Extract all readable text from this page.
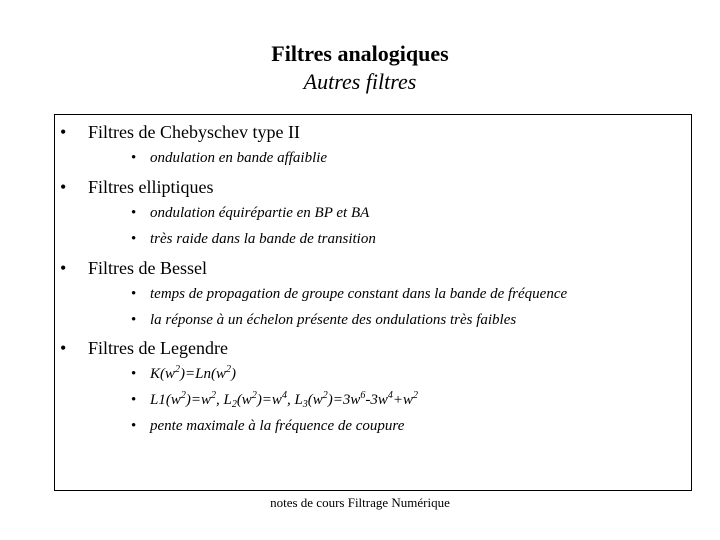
Filtres analogiques
Autres filtres
• Filtres de Chebyschev type II
• ondulation en bande affaiblie
• Filtres elliptiques
• ondulation équirépartie en BP et BA
• très raide dans la bande de transition
• Filtres de Bessel
• temps de propagation de groupe constant dans la bande de fréquence
• la réponse à un échelon présente des ondulations très faibles
• Filtres de Legendre
• $K(w^2)=Ln(w^2)$
• $L1(w^2)=w^2$, $L_2(w^2)=w^4$, $L_3(w^2)=3w^6-3w^4+w^2$
• pente maximale à la fréquence de coupure
notes de cours Filtrage Numérique
